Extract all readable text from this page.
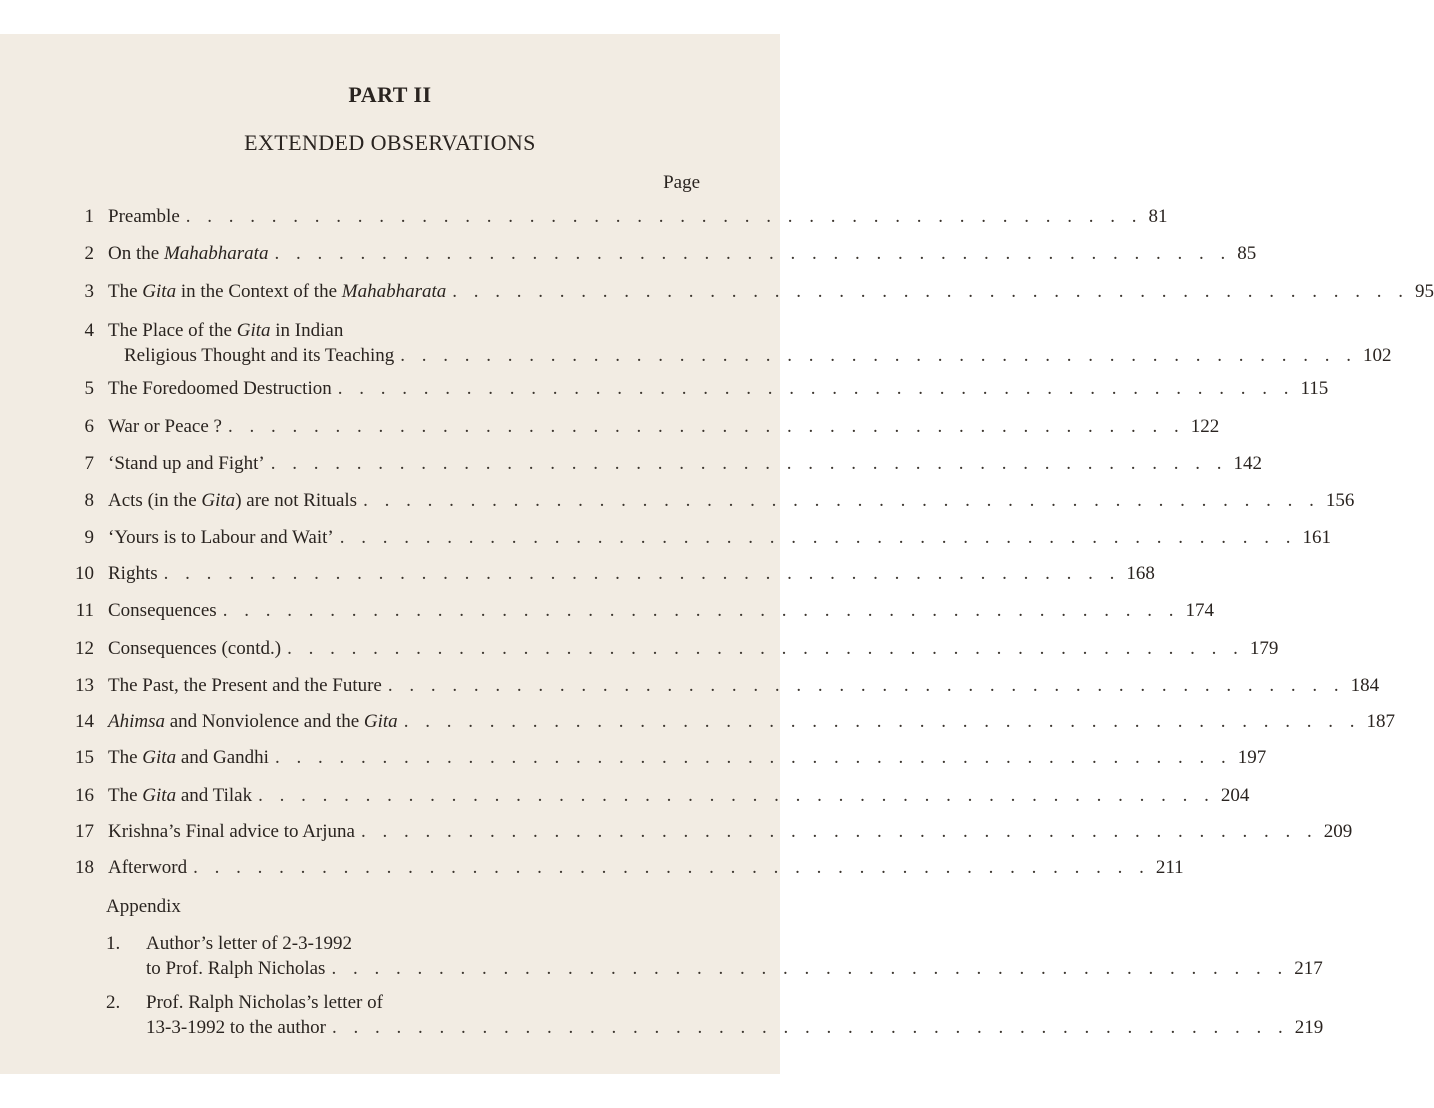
PART II
EXTENDED OBSERVATIONS
Page
1 Preamble . . . . . . . . . . . . . . . . . . . . . . . . . . . . . . . . . . . . . . . . . . . . . 81
2 On the Mahabharata . . . . . . . . . . . . . . . . . . . . . . . . . . . . . . . . . . . . . . . . . . . . . 85
3 The Gita in the Context of the Mahabharata . . . . . . . . . . . . . . . . . . . . . . . . . . . . . . . . . . . . . . . . . . . . . 95
4 The Place of the Gita in Indian
Religious Thought and its Teaching . . . . . . . . . . . . . . . . . . . . . . . . . . . . . . . . . . . . . . . . . . . . . 102
5 The Foredoomed Destruction . . . . . . . . . . . . . . . . . . . . . . . . . . . . . . . . . . . . . . . . . . . . . 115
6 War or Peace ? . . . . . . . . . . . . . . . . . . . . . . . . . . . . . . . . . . . . . . . . . . . . . 122
7 ‘Stand up and Fight’ . . . . . . . . . . . . . . . . . . . . . . . . . . . . . . . . . . . . . . . . . . . . . 142
8 Acts (in the Gita) are not Rituals . . . . . . . . . . . . . . . . . . . . . . . . . . . . . . . . . . . . . . . . . . . . . 156
9 ‘Yours is to Labour and Wait’ . . . . . . . . . . . . . . . . . . . . . . . . . . . . . . . . . . . . . . . . . . . . . 161
10 Rights . . . . . . . . . . . . . . . . . . . . . . . . . . . . . . . . . . . . . . . . . . . . . 168
11 Consequences . . . . . . . . . . . . . . . . . . . . . . . . . . . . . . . . . . . . . . . . . . . . . 174
12 Consequences (contd.) . . . . . . . . . . . . . . . . . . . . . . . . . . . . . . . . . . . . . . . . . . . . . 179
13 The Past, the Present and the Future . . . . . . . . . . . . . . . . . . . . . . . . . . . . . . . . . . . . . . . . . . . . . 184
14 Ahimsa and Nonviolence and the Gita . . . . . . . . . . . . . . . . . . . . . . . . . . . . . . . . . . . . . . . . . . . . . 187
15 The Gita and Gandhi . . . . . . . . . . . . . . . . . . . . . . . . . . . . . . . . . . . . . . . . . . . . . 197
16 The Gita and Tilak . . . . . . . . . . . . . . . . . . . . . . . . . . . . . . . . . . . . . . . . . . . . . 204
17 Krishna’s Final advice to Arjuna . . . . . . . . . . . . . . . . . . . . . . . . . . . . . . . . . . . . . . . . . . . . . 209
18 Afterword . . . . . . . . . . . . . . . . . . . . . . . . . . . . . . . . . . . . . . . . . . . . . 211
Appendix
1. Author’s letter of 2-3-1992
to Prof. Ralph Nicholas . . . . . . . . . . . . . . . . . . . . . . . . . . . . . . . . . . . . . . . . . . . . . 217
2. Prof. Ralph Nicholas’s letter of
13-3-1992 to the author . . . . . . . . . . . . . . . . . . . . . . . . . . . . . . . . . . . . . . . . . . . . . 219
